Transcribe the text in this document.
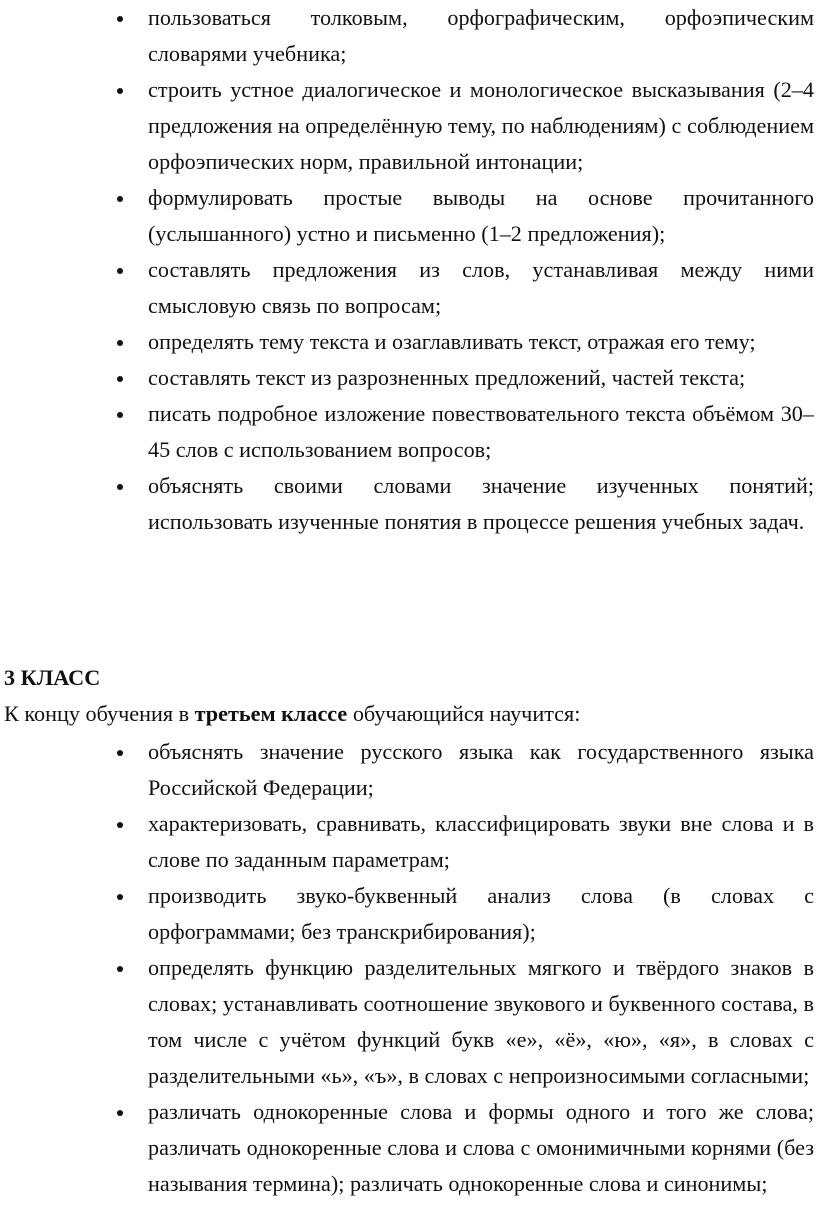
пользоваться толковым, орфографическим, орфоэпическим словарями учебника;
строить устное диалогическое и монологическое высказывания (2–4 предложения на определённую тему, по наблюдениям) с соблюдением орфоэпических норм, правильной интонации;
формулировать простые выводы на основе прочитанного (услышанного) устно и письменно (1–2 предложения);
составлять предложения из слов, устанавливая между ними смысловую связь по вопросам;
определять тему текста и озаглавливать текст, отражая его тему;
составлять текст из разрозненных предложений, частей текста;
писать подробное изложение повествовательного текста объёмом 30–45 слов с использованием вопросов;
объяснять своими словами значение изученных понятий; использовать изученные понятия в процессе решения учебных задач.
3 КЛАСС
К концу обучения в третьем классе обучающийся научится:
объяснять значение русского языка как государственного языка Российской Федерации;
характеризовать, сравнивать, классифицировать звуки вне слова и в слове по заданным параметрам;
производить звуко-буквенный анализ слова (в словах с орфограммами; без транскрибирования);
определять функцию разделительных мягкого и твёрдого знаков в словах; устанавливать соотношение звукового и буквенного состава, в том числе с учётом функций букв «е», «ё», «ю», «я», в словах с разделительными «ь», «ъ», в словах с непроизносимыми согласными;
различать однокоренные слова и формы одного и того же слова; различать однокоренные слова и слова с омонимичными корнями (без называния термина); различать однокоренные слова и синонимы;
